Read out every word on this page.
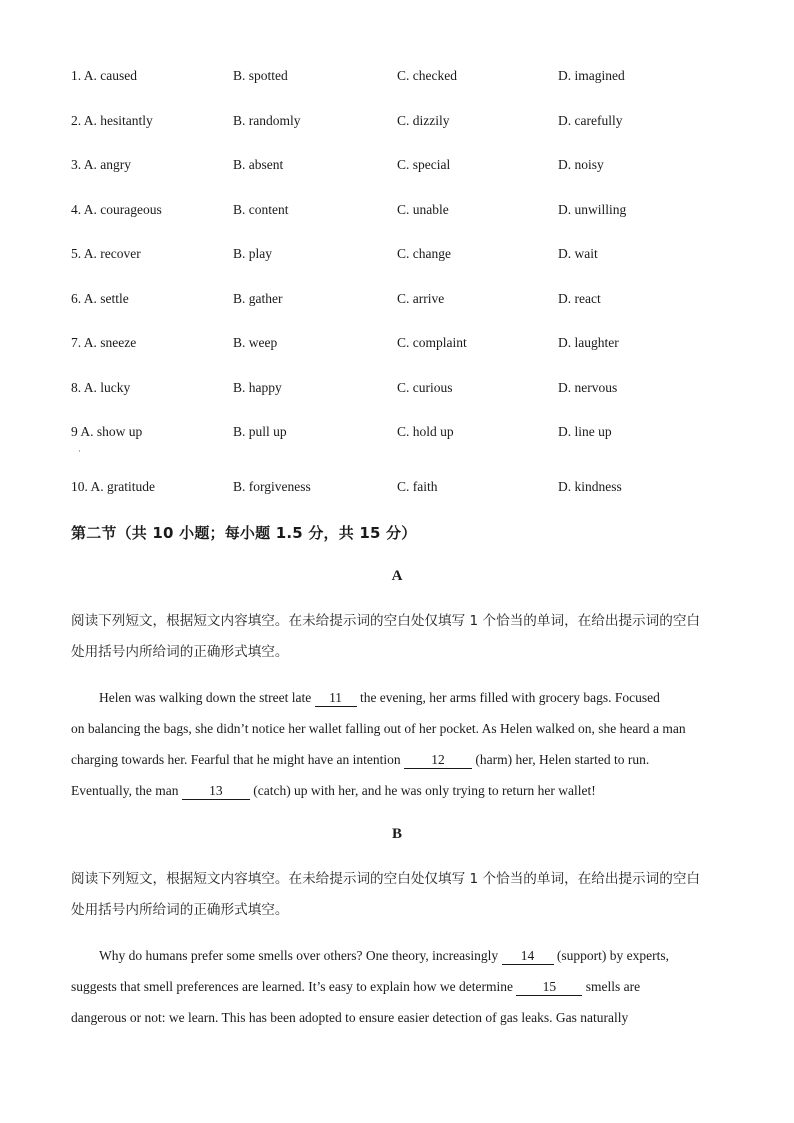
1. A. caused	B. spotted	C. checked	D. imagined
2. A. hesitantly	B. randomly	C. dizzily	D. carefully
3. A. angry	B. absent	C. special	D. noisy
4. A. courageous	B. content	C. unable	D. unwilling
5. A. recover	B. play	C. change	D. wait
6. A. settle	B. gather	C. arrive	D. react
7. A. sneeze	B. weep	C. complaint	D. laughter
8. A. lucky	B. happy	C. curious	D. nervous
9 A. show up	B. pull up	C. hold up	D. line up
10. A. gratitude	B. forgiveness	C. faith	D. kindness
·
第二节（共 10 小题；每小题 1.5 分，共 15 分）
A
阅读下列短文，根据短文内容填空。在未给提示词的空白处仅填写 1 个恰当的单词，在给出提示词的空白
处用括号内所给词的正确形式填空。
Helen was walking down the street late 11 the evening, her arms filled with grocery bags. Focused
on balancing the bags, she didn’t notice her wallet falling out of her pocket. As Helen walked on, she heard a man
charging towards her. Fearful that he might have an intention 12 (harm) her, Helen started to run.
Eventually, the man 13 (catch) up with her, and he was only trying to return her wallet!
B
阅读下列短文，根据短文内容填空。在未给提示词的空白处仅填写 1 个恰当的单词，在给出提示词的空白
处用括号内所给词的正确形式填空。
Why do humans prefer some smells over others? One theory, increasingly 14 (support) by experts,
suggests that smell preferences are learned. It’s easy to explain how we determine 15 smells are
dangerous or not: we learn. This has been adopted to ensure easier detection of gas leaks. Gas naturally
